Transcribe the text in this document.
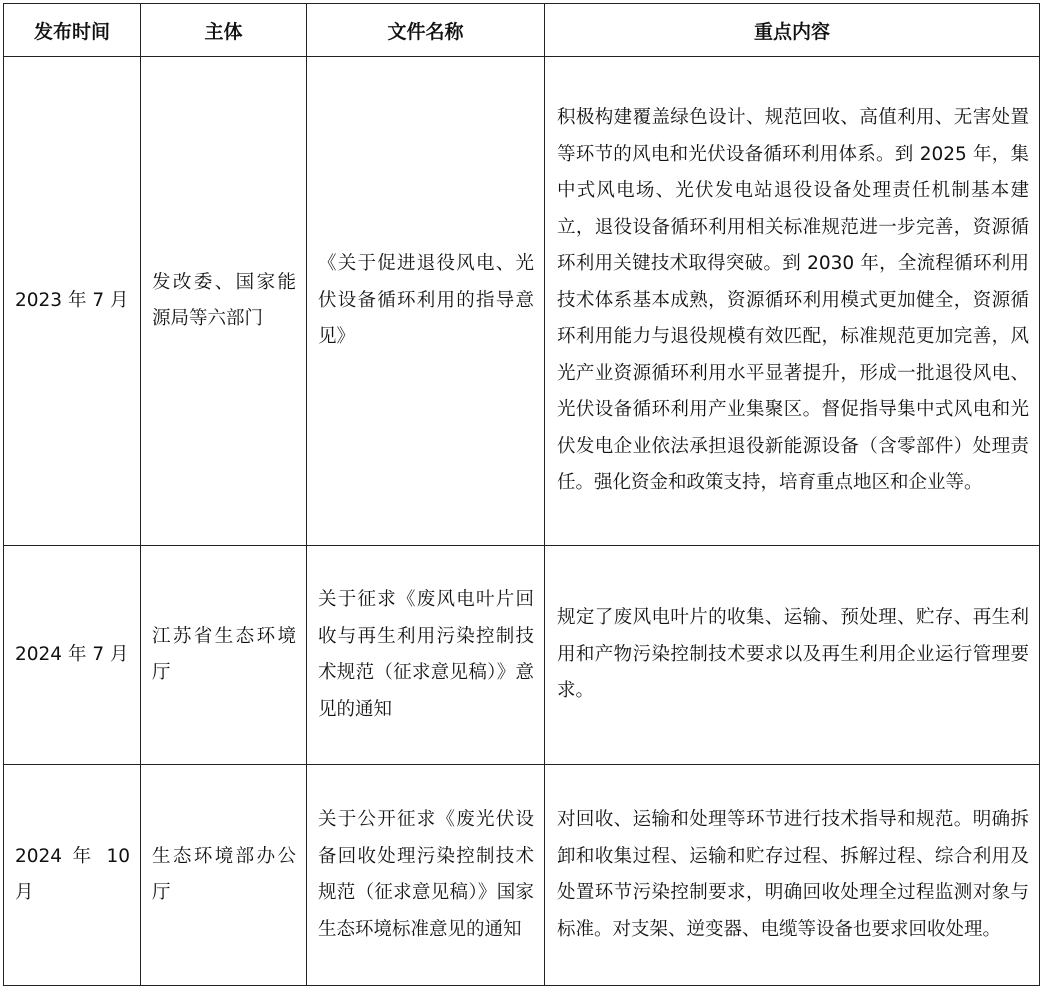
发布时间	主体	文件名称	重点内容
2023 年 7 月	发改委、国家能源局等六部门	《关于促进退役风电、光伏设备循环利用的指导意见》	积极构建覆盖绿色设计、规范回收、高值利用、无害处置等环节的风电和光伏设备循环利用体系。到 2025 年，集中式风电场、光伏发电站退役设备处理责任机制基本建立，退役设备循环利用相关标准规范进一步完善，资源循环利用关键技术取得突破。到 2030 年，全流程循环利用技术体系基本成熟，资源循环利用模式更加健全，资源循环利用能力与退役规模有效匹配，标准规范更加完善，风光产业资源循环利用水平显著提升，形成一批退役风电、光伏设备循环利用产业集聚区。督促指导集中式风电和光伏发电企业依法承担退役新能源设备（含零部件）处理责任。强化资金和政策支持，培育重点地区和企业等。
2024 年 7 月	江苏省生态环境厅	关于征求《废风电叶片回收与再生利用污染控制技术规范（征求意见稿）》意见的通知	规定了废风电叶片的收集、运输、预处理、贮存、再生利用和产物污染控制技术要求以及再生利用企业运行管理要求。
2024 年 10 月	生态环境部办公厅	关于公开征求《废光伏设备回收处理污染控制技术规范（征求意见稿）》国家生态环境标准意见的通知	对回收、运输和处理等环节进行技术指导和规范。明确拆卸和收集过程、运输和贮存过程、拆解过程、综合利用及处置环节污染控制要求，明确回收处理全过程监测对象与标准。对支架、逆变器、电缆等设备也要求回收处理。
